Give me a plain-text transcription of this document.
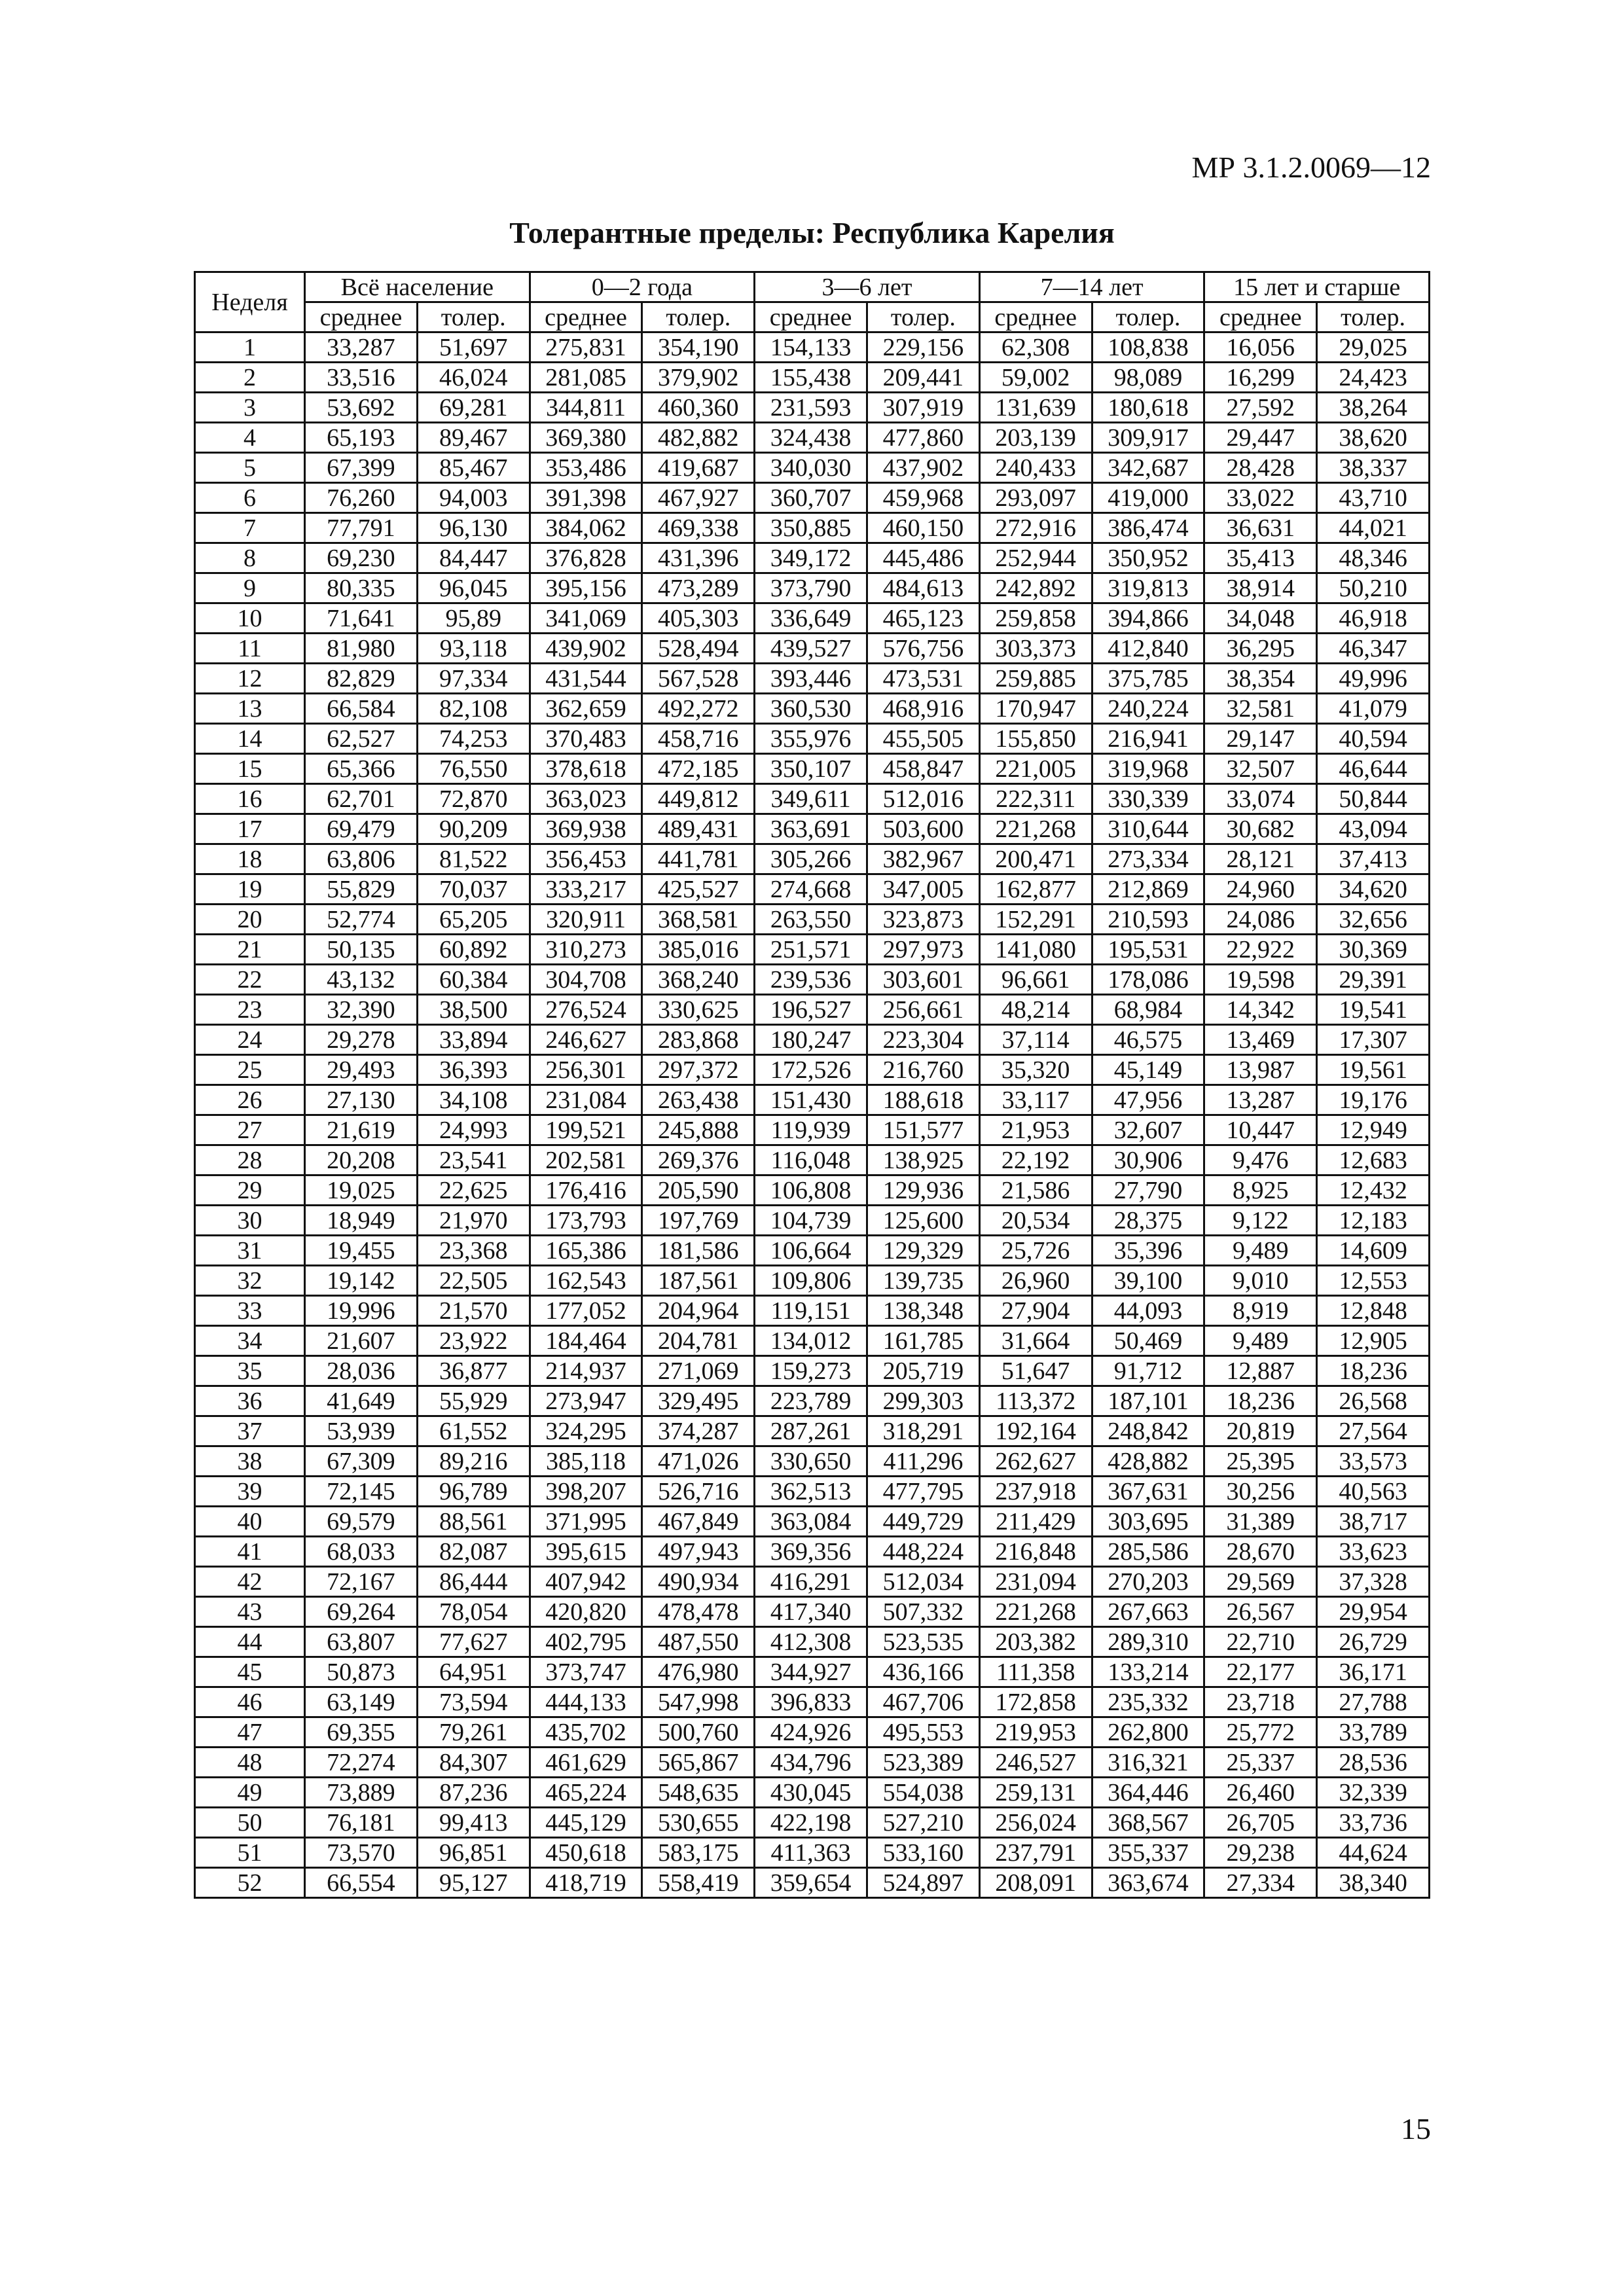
МР 3.1.2.0069—12
Толерантные пределы: Республика Карелия
Неделя	Всё население		0—2 года		3—6 лет		7—14 лет		15 лет и старше	
	среднее	толер.	среднее	толер.	среднее	толер.	среднее	толер.	среднее	толер.
1	33,287	51,697	275,831	354,190	154,133	229,156	62,308	108,838	16,056	29,025
2	33,516	46,024	281,085	379,902	155,438	209,441	59,002	98,089	16,299	24,423
3	53,692	69,281	344,811	460,360	231,593	307,919	131,639	180,618	27,592	38,264
4	65,193	89,467	369,380	482,882	324,438	477,860	203,139	309,917	29,447	38,620
5	67,399	85,467	353,486	419,687	340,030	437,902	240,433	342,687	28,428	38,337
6	76,260	94,003	391,398	467,927	360,707	459,968	293,097	419,000	33,022	43,710
7	77,791	96,130	384,062	469,338	350,885	460,150	272,916	386,474	36,631	44,021
8	69,230	84,447	376,828	431,396	349,172	445,486	252,944	350,952	35,413	48,346
9	80,335	96,045	395,156	473,289	373,790	484,613	242,892	319,813	38,914	50,210
10	71,641	95,89	341,069	405,303	336,649	465,123	259,858	394,866	34,048	46,918
11	81,980	93,118	439,902	528,494	439,527	576,756	303,373	412,840	36,295	46,347
12	82,829	97,334	431,544	567,528	393,446	473,531	259,885	375,785	38,354	49,996
13	66,584	82,108	362,659	492,272	360,530	468,916	170,947	240,224	32,581	41,079
14	62,527	74,253	370,483	458,716	355,976	455,505	155,850	216,941	29,147	40,594
15	65,366	76,550	378,618	472,185	350,107	458,847	221,005	319,968	32,507	46,644
16	62,701	72,870	363,023	449,812	349,611	512,016	222,311	330,339	33,074	50,844
17	69,479	90,209	369,938	489,431	363,691	503,600	221,268	310,644	30,682	43,094
18	63,806	81,522	356,453	441,781	305,266	382,967	200,471	273,334	28,121	37,413
19	55,829	70,037	333,217	425,527	274,668	347,005	162,877	212,869	24,960	34,620
20	52,774	65,205	320,911	368,581	263,550	323,873	152,291	210,593	24,086	32,656
21	50,135	60,892	310,273	385,016	251,571	297,973	141,080	195,531	22,922	30,369
22	43,132	60,384	304,708	368,240	239,536	303,601	96,661	178,086	19,598	29,391
23	32,390	38,500	276,524	330,625	196,527	256,661	48,214	68,984	14,342	19,541
24	29,278	33,894	246,627	283,868	180,247	223,304	37,114	46,575	13,469	17,307
25	29,493	36,393	256,301	297,372	172,526	216,760	35,320	45,149	13,987	19,561
26	27,130	34,108	231,084	263,438	151,430	188,618	33,117	47,956	13,287	19,176
27	21,619	24,993	199,521	245,888	119,939	151,577	21,953	32,607	10,447	12,949
28	20,208	23,541	202,581	269,376	116,048	138,925	22,192	30,906	9,476	12,683
29	19,025	22,625	176,416	205,590	106,808	129,936	21,586	27,790	8,925	12,432
30	18,949	21,970	173,793	197,769	104,739	125,600	20,534	28,375	9,122	12,183
31	19,455	23,368	165,386	181,586	106,664	129,329	25,726	35,396	9,489	14,609
32	19,142	22,505	162,543	187,561	109,806	139,735	26,960	39,100	9,010	12,553
33	19,996	21,570	177,052	204,964	119,151	138,348	27,904	44,093	8,919	12,848
34	21,607	23,922	184,464	204,781	134,012	161,785	31,664	50,469	9,489	12,905
35	28,036	36,877	214,937	271,069	159,273	205,719	51,647	91,712	12,887	18,236
36	41,649	55,929	273,947	329,495	223,789	299,303	113,372	187,101	18,236	26,568
37	53,939	61,552	324,295	374,287	287,261	318,291	192,164	248,842	20,819	27,564
38	67,309	89,216	385,118	471,026	330,650	411,296	262,627	428,882	25,395	33,573
39	72,145	96,789	398,207	526,716	362,513	477,795	237,918	367,631	30,256	40,563
40	69,579	88,561	371,995	467,849	363,084	449,729	211,429	303,695	31,389	38,717
41	68,033	82,087	395,615	497,943	369,356	448,224	216,848	285,586	28,670	33,623
42	72,167	86,444	407,942	490,934	416,291	512,034	231,094	270,203	29,569	37,328
43	69,264	78,054	420,820	478,478	417,340	507,332	221,268	267,663	26,567	29,954
44	63,807	77,627	402,795	487,550	412,308	523,535	203,382	289,310	22,710	26,729
45	50,873	64,951	373,747	476,980	344,927	436,166	111,358	133,214	22,177	36,171
46	63,149	73,594	444,133	547,998	396,833	467,706	172,858	235,332	23,718	27,788
47	69,355	79,261	435,702	500,760	424,926	495,553	219,953	262,800	25,772	33,789
48	72,274	84,307	461,629	565,867	434,796	523,389	246,527	316,321	25,337	28,536
49	73,889	87,236	465,224	548,635	430,045	554,038	259,131	364,446	26,460	32,339
50	76,181	99,413	445,129	530,655	422,198	527,210	256,024	368,567	26,705	33,736
51	73,570	96,851	450,618	583,175	411,363	533,160	237,791	355,337	29,238	44,624
52	66,554	95,127	418,719	558,419	359,654	524,897	208,091	363,674	27,334	38,340
15
